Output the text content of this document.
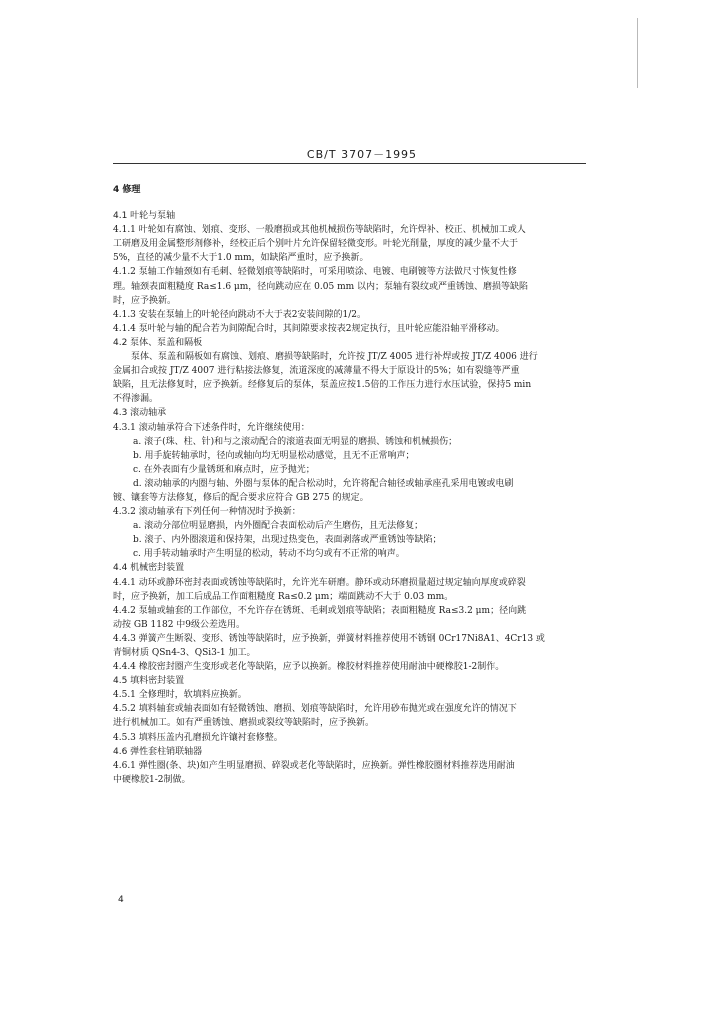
CB/T 3707－1995
4 修理
4.1 叶轮与泵轴
4.1.1 叶轮如有腐蚀、划痕、变形、一般磨损或其他机械损伤等缺陷时，允许焊补、校正、机械加工或人
工研磨及用金属整形剂修补，经校正后个别叶片允许保留轻微变形。叶轮光削量，厚度的减少量不大于
5%，直径的减少量不大于1.0 mm，如缺陷严重时，应予换新。
4.1.2 泵轴工作轴颈如有毛刺、轻微划痕等缺陷时，可采用喷涂、电镀、电刷镀等方法做尺寸恢复性修
理。轴颈表面粗糙度 Ra≤1.6 μm，径向跳动应在 0.05 mm 以内；泵轴有裂纹或严重锈蚀、磨损等缺陷
时，应予换新。
4.1.3 安装在泵轴上的叶轮径向跳动不大于表2安装间隙的1/2。
4.1.4 泵叶轮与轴的配合若为间隙配合时，其间隙要求按表2规定执行，且叶轮应能沿轴平滑移动。
4.2 泵体、泵盖和隔板
泵体、泵盖和隔板如有腐蚀、划痕、磨损等缺陷时，允许按 JT/Z 4005 进行补焊或按 JT/Z 4006 进行
金属扣合或按 JT/Z 4007 进行粘接法修复，流道深度的减薄量不得大于原设计的5%；如有裂缝等严重
缺陷，且无法修复时，应予换新。经修复后的泵体，泵盖应按1.5倍的工作压力进行水压试验，保持5 min
不得渗漏。
4.3 滚动轴承
4.3.1 滚动轴承符合下述条件时，允许继续使用：
a. 滚子(珠、柱、针)和与之滚动配合的滚道表面无明显的磨损、锈蚀和机械损伤；
b. 用手旋转轴承时，径向或轴向均无明显松动感觉，且无不正常响声；
c. 在外表面有少量锈斑和麻点时，应予抛光；
d. 滚动轴承的内圈与轴、外圈与泵体的配合松动时，允许将配合轴径或轴承座孔采用电镀或电刷
镀、镶套等方法修复，修后的配合要求应符合 GB 275 的规定。
4.3.2 滚动轴承有下列任何一种情况时予换新：
a. 滚动分部位明显磨损，内外圈配合表面松动后产生磨伤，且无法修复；
b. 滚子、内外圈滚道和保持架，出现过热变色，表面剥落或严重锈蚀等缺陷；
c. 用手转动轴承时产生明显的松动，转动不均匀或有不正常的响声。
4.4 机械密封装置
4.4.1 动环或静环密封表面或锈蚀等缺陷时，允许光车研磨。静环或动环磨损量超过规定轴向厚度或碎裂
时，应予换新，加工后成品工作面粗糙度 Ra≤0.2 μm；端面跳动不大于 0.03 mm。
4.4.2 泵轴或轴套的工作部位，不允许存在锈斑、毛刺或划痕等缺陷；表面粗糙度 Ra≤3.2 μm；径向跳
动按 GB 1182 中9级公差选用。
4.4.3 弹簧产生断裂、变形、锈蚀等缺陷时，应予换新，弹簧材料推荐使用不锈钢 0Cr17Ni8A1、4Cr13 或
青铜材质 QSn4-3、QSi3-1 加工。
4.4.4 橡胶密封圈产生变形或老化等缺陷，应予以换新。橡胶材料推荐使用耐油中硬橡胶1-2制作。
4.5 填料密封装置
4.5.1 全修理时，软填料应换新。
4.5.2 填料轴套或轴表面如有轻微锈蚀、磨损、划痕等缺陷时，允许用砂布抛光或在强度允许的情况下
进行机械加工。如有严重锈蚀、磨损或裂纹等缺陷时，应予换新。
4.5.3 填料压盖内孔磨损允许镶衬套修整。
4.6 弹性套柱销联轴器
4.6.1 弹性圈(条、块)如产生明显磨损、碎裂或老化等缺陷时，应换新。弹性橡胶圈材料推荐选用耐油
中硬橡胶1-2制做。
4
